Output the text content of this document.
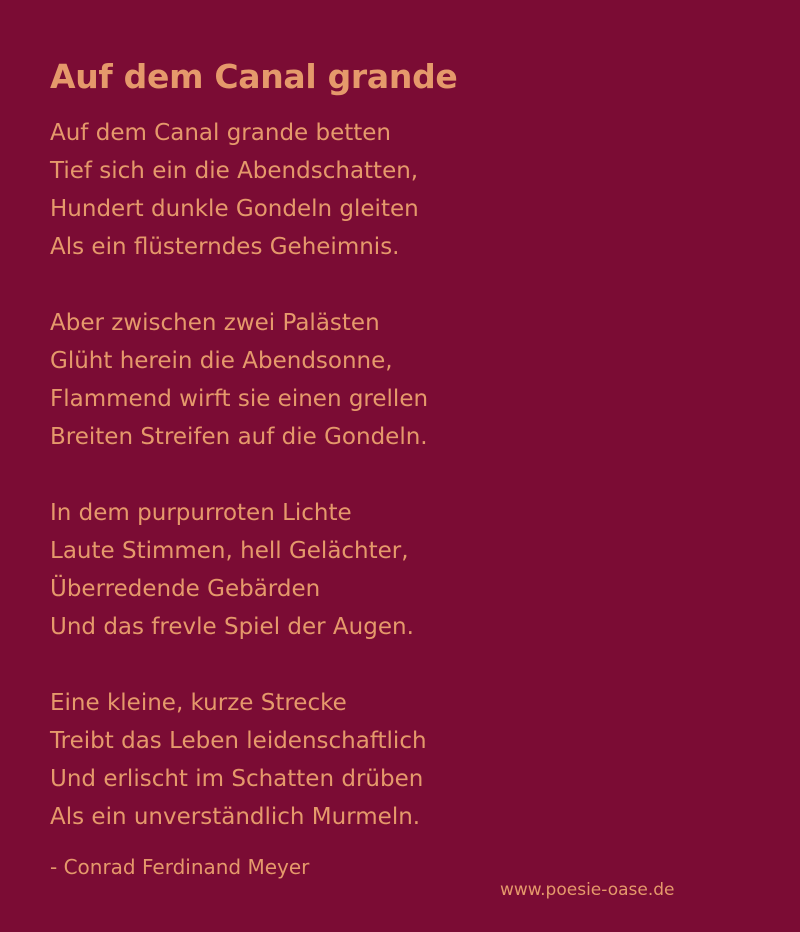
Auf dem Canal grande
Auf dem Canal grande betten
Tief sich ein die Abendschatten,
Hundert dunkle Gondeln gleiten
Als ein flüsterndes Geheimnis.
Aber zwischen zwei Palästen
Glüht herein die Abendsonne,
Flammend wirft sie einen grellen
Breiten Streifen auf die Gondeln.
In dem purpurroten Lichte
Laute Stimmen, hell Gelächter,
Überredende Gebärden
Und das frevle Spiel der Augen.
Eine kleine, kurze Strecke
Treibt das Leben leidenschaftlich
Und erlischt im Schatten drüben
Als ein unverständlich Murmeln.
- Conrad Ferdinand Meyer
www.poesie-oase.de
